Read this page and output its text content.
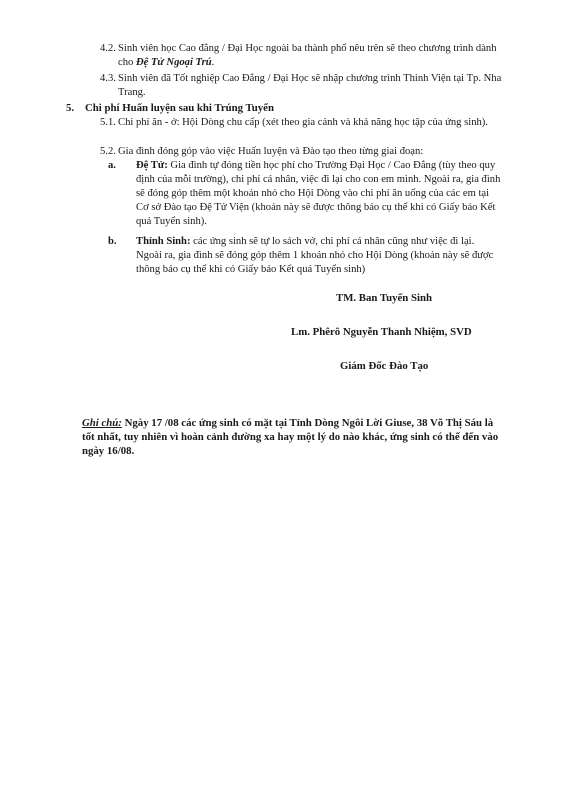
4.2. Sinh viên học Cao đẳng / Đại Học ngoài ba thành phố nêu trên sẽ theo chương trình dành cho Đệ Tử Ngoại Trú.
4.3. Sinh viên đã Tốt nghiệp Cao Đẳng / Đại Học sẽ nhập chương trình Thỉnh Viện tại Tp. Nha Trang.
5. Chi phí Huấn luyện sau khi Trúng Tuyển
5.1. Chi phí ăn - ở: Hội Dòng chu cấp (xét theo gia cảnh và khả năng học tập của ứng sinh).
5.2. Gia đình đóng góp vào việc Huấn luyện và Đào tạo theo từng giai đoạn:
a. Đệ Tử: Gia đình tự đóng tiền học phí cho Trường Đại Học / Cao Đẳng (tùy theo quy định của mỗi trường), chi phí cá nhân, việc đi lại cho con em mình. Ngoài ra, gia đình sẽ đóng góp thêm một khoản nhỏ cho Hội Dòng vào chi phí ăn uống của các em tại Cơ sở Đào tạo Đệ Tử Viện (khoản này sẽ được thông báo cụ thể khi có Giấy báo Kết quả Tuyển sinh).
b. Thỉnh Sinh: các ứng sinh sẽ tự lo sách vở, chi phí cá nhân cũng như việc đi lại. Ngoài ra, gia đình sẽ đóng góp thêm 1 khoản nhỏ cho Hội Dòng (khoản này sẽ được thông báo cụ thể khi có Giấy báo Kết quả Tuyển sinh)
TM. Ban Tuyển Sinh
Lm. Phêrô Nguyễn Thanh Nhiệm, SVD
Giám Đốc Đào Tạo
Ghi chú: Ngày 17 /08 các ứng sinh có mặt tại Tỉnh Dòng Ngôi Lời Giuse, 38 Võ Thị Sáu là tốt nhất, tuy nhiên vì hoàn cảnh đường xa hay một lý do nào khác, ứng sinh có thể đến vào ngày 16/08.
